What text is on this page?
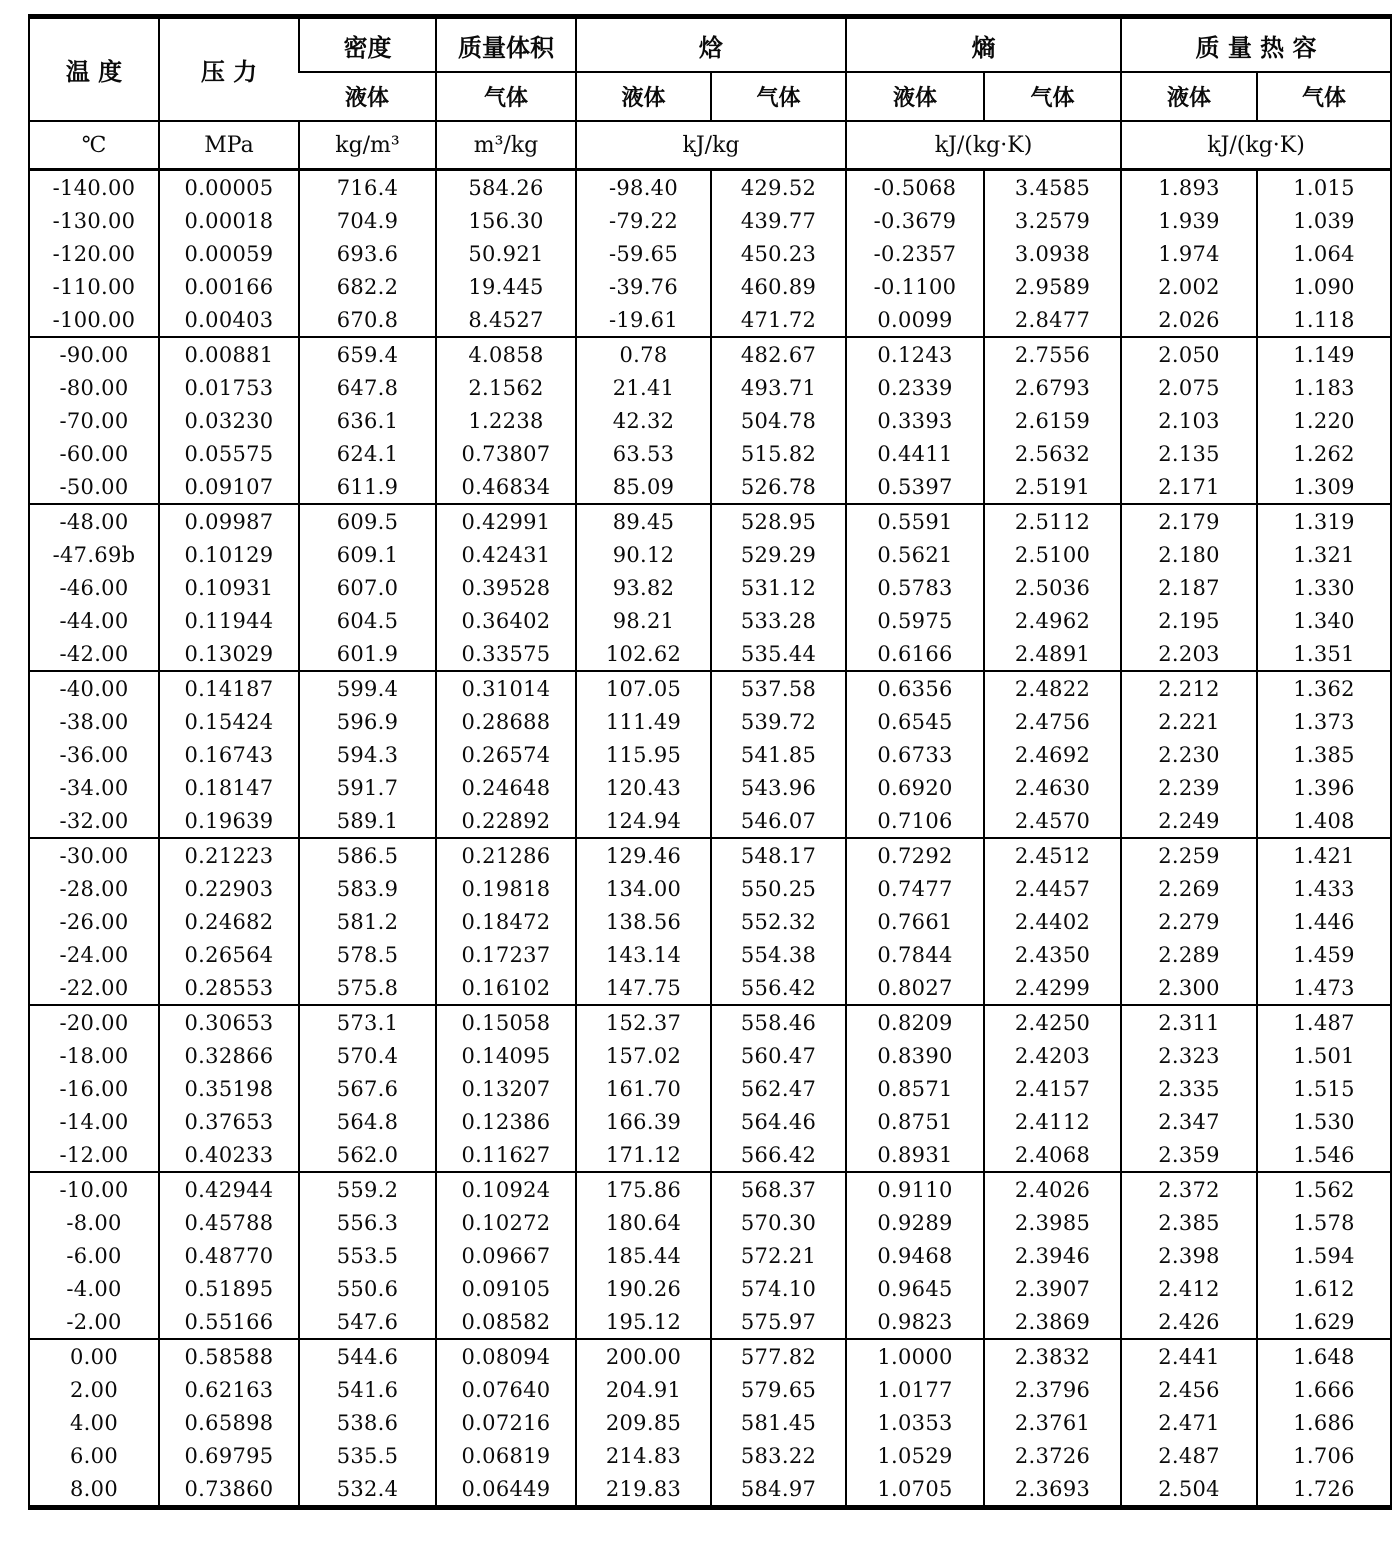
温 度	压 力	密度	质量体积	焓		熵		质 量 热 容	
		液体	气体	液体	气体	液体	气体	液体	气体
℃	MPa	kg/m³	m³/kg	kJ/kg		kJ/(kg·K)		kJ/(kg·K)	
-140.00	0.00005	716.4	584.26	-98.40	429.52	-0.5068	3.4585	1.893	1.015
-130.00	0.00018	704.9	156.30	-79.22	439.77	-0.3679	3.2579	1.939	1.039
-120.00	0.00059	693.6	50.921	-59.65	450.23	-0.2357	3.0938	1.974	1.064
-110.00	0.00166	682.2	19.445	-39.76	460.89	-0.1100	2.9589	2.002	1.090
-100.00	0.00403	670.8	8.4527	-19.61	471.72	0.0099	2.8477	2.026	1.118
-90.00	0.00881	659.4	4.0858	0.78	482.67	0.1243	2.7556	2.050	1.149
-80.00	0.01753	647.8	2.1562	21.41	493.71	0.2339	2.6793	2.075	1.183
-70.00	0.03230	636.1	1.2238	42.32	504.78	0.3393	2.6159	2.103	1.220
-60.00	0.05575	624.1	0.73807	63.53	515.82	0.4411	2.5632	2.135	1.262
-50.00	0.09107	611.9	0.46834	85.09	526.78	0.5397	2.5191	2.171	1.309
-48.00	0.09987	609.5	0.42991	89.45	528.95	0.5591	2.5112	2.179	1.319
-47.69b	0.10129	609.1	0.42431	90.12	529.29	0.5621	2.5100	2.180	1.321
-46.00	0.10931	607.0	0.39528	93.82	531.12	0.5783	2.5036	2.187	1.330
-44.00	0.11944	604.5	0.36402	98.21	533.28	0.5975	2.4962	2.195	1.340
-42.00	0.13029	601.9	0.33575	102.62	535.44	0.6166	2.4891	2.203	1.351
-40.00	0.14187	599.4	0.31014	107.05	537.58	0.6356	2.4822	2.212	1.362
-38.00	0.15424	596.9	0.28688	111.49	539.72	0.6545	2.4756	2.221	1.373
-36.00	0.16743	594.3	0.26574	115.95	541.85	0.6733	2.4692	2.230	1.385
-34.00	0.18147	591.7	0.24648	120.43	543.96	0.6920	2.4630	2.239	1.396
-32.00	0.19639	589.1	0.22892	124.94	546.07	0.7106	2.4570	2.249	1.408
-30.00	0.21223	586.5	0.21286	129.46	548.17	0.7292	2.4512	2.259	1.421
-28.00	0.22903	583.9	0.19818	134.00	550.25	0.7477	2.4457	2.269	1.433
-26.00	0.24682	581.2	0.18472	138.56	552.32	0.7661	2.4402	2.279	1.446
-24.00	0.26564	578.5	0.17237	143.14	554.38	0.7844	2.4350	2.289	1.459
-22.00	0.28553	575.8	0.16102	147.75	556.42	0.8027	2.4299	2.300	1.473
-20.00	0.30653	573.1	0.15058	152.37	558.46	0.8209	2.4250	2.311	1.487
-18.00	0.32866	570.4	0.14095	157.02	560.47	0.8390	2.4203	2.323	1.501
-16.00	0.35198	567.6	0.13207	161.70	562.47	0.8571	2.4157	2.335	1.515
-14.00	0.37653	564.8	0.12386	166.39	564.46	0.8751	2.4112	2.347	1.530
-12.00	0.40233	562.0	0.11627	171.12	566.42	0.8931	2.4068	2.359	1.546
-10.00	0.42944	559.2	0.10924	175.86	568.37	0.9110	2.4026	2.372	1.562
-8.00	0.45788	556.3	0.10272	180.64	570.30	0.9289	2.3985	2.385	1.578
-6.00	0.48770	553.5	0.09667	185.44	572.21	0.9468	2.3946	2.398	1.594
-4.00	0.51895	550.6	0.09105	190.26	574.10	0.9645	2.3907	2.412	1.612
-2.00	0.55166	547.6	0.08582	195.12	575.97	0.9823	2.3869	2.426	1.629
0.00	0.58588	544.6	0.08094	200.00	577.82	1.0000	2.3832	2.441	1.648
2.00	0.62163	541.6	0.07640	204.91	579.65	1.0177	2.3796	2.456	1.666
4.00	0.65898	538.6	0.07216	209.85	581.45	1.0353	2.3761	2.471	1.686
6.00	0.69795	535.5	0.06819	214.83	583.22	1.0529	2.3726	2.487	1.706
8.00	0.73860	532.4	0.06449	219.83	584.97	1.0705	2.3693	2.504	1.726
